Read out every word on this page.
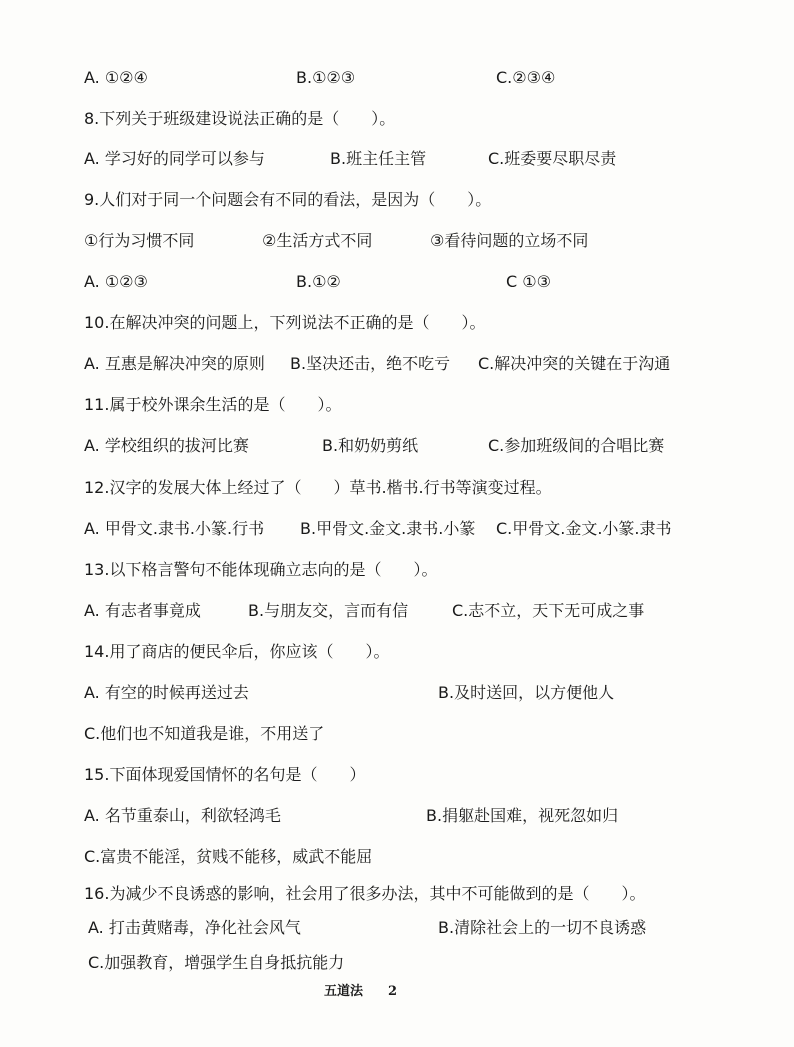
A. ①②④	B.①②③	C.②③④
8.下列关于班级建设说法正确的是（　　）。
A. 学习好的同学可以参与	B.班主任主管	C.班委要尽职尽责
9.人们对于同一个问题会有不同的看法，是因为（　　）。
①行为习惯不同	②生活方式不同	③看待问题的立场不同
A. ①②③	B.①②	C ①③
10.在解决冲突的问题上，下列说法不正确的是（　　）。
A. 互惠是解决冲突的原则 B.坚决还击，绝不吃亏 C.解决冲突的关键在于沟通
11.属于校外课余生活的是（　　）。
A. 学校组织的拔河比赛	B.和奶奶剪纸	C.参加班级间的合唱比赛
12.汉字的发展大体上经过了（　　）草书.楷书.行书等演变过程。
A. 甲骨文.隶书.小篆.行书 B.甲骨文.金文.隶书.小篆 C.甲骨文.金文.小篆.隶书
13.以下格言警句不能体现确立志向的是（　　）。
A. 有志者事竟成	B.与朋友交，言而有信	C.志不立，天下无可成之事
14.用了商店的便民伞后，你应该（　　）。
A. 有空的时候再送过去	B.及时送回，以方便他人
C.他们也不知道我是谁，不用送了
15.下面体现爱国情怀的名句是（　　）
A. 名节重泰山，利欲轻鸿毛	B.捐躯赴国难，视死忽如归
C.富贵不能淫，贫贱不能移，威武不能屈
16.为减少不良诱惑的影响，社会用了很多办法，其中不可能做到的是（　　）。
A. 打击黄赌毒，净化社会风气	B.清除社会上的一切不良诱惑
C.加强教育，增强学生自身抵抗能力
五道法 2
